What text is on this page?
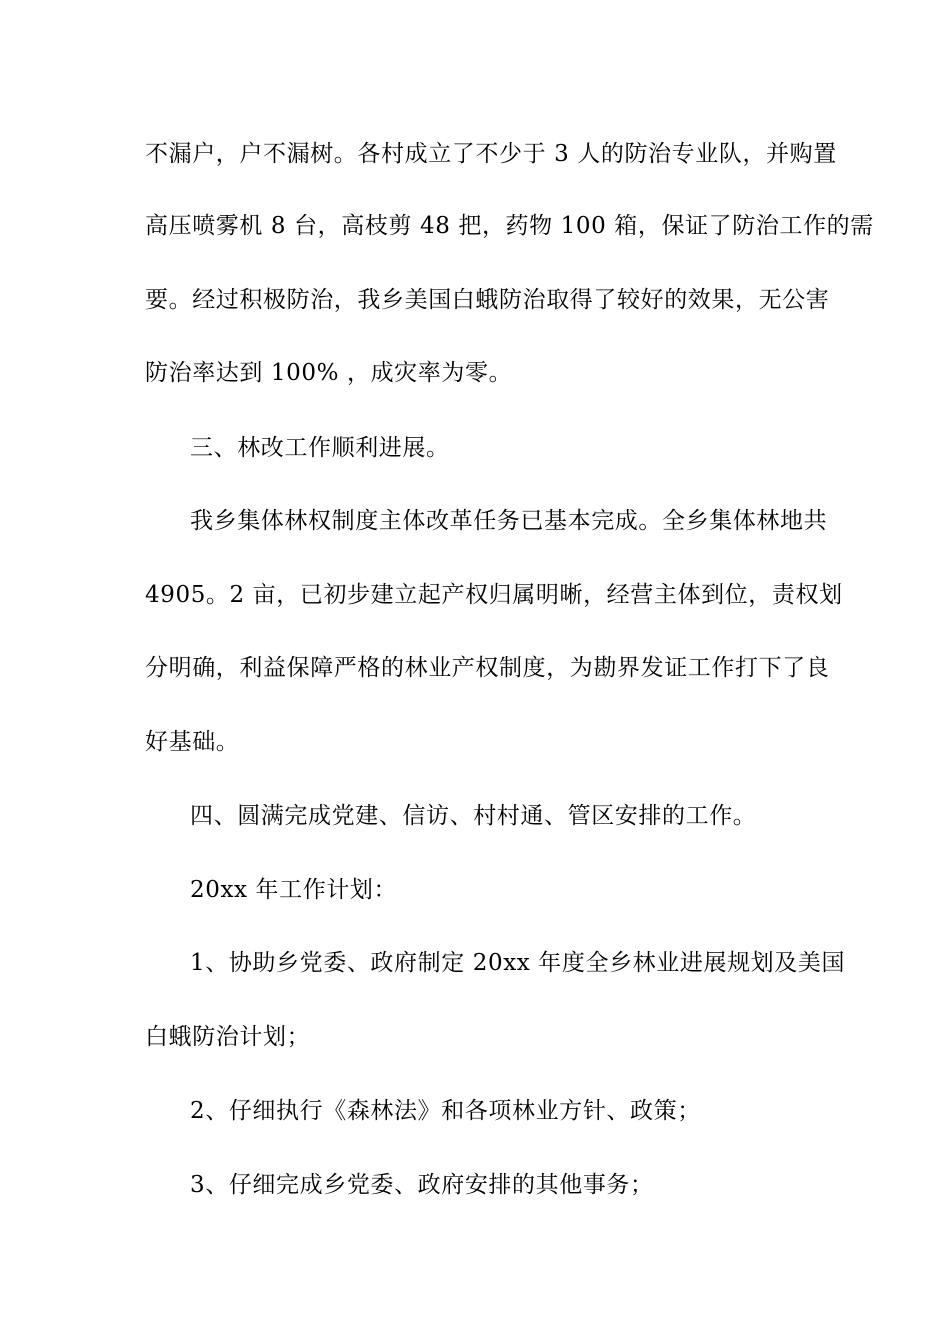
不漏户，户不漏树。各村成立了不少于 3 人的防治专业队，并购置
高压喷雾机 8 台，高枝剪 48 把，药物 100 箱，保证了防治工作的需
要。经过积极防治，我乡美国白蛾防治取得了较好的效果，无公害
防治率达到 100% ，成灾率为零。
三、林改工作顺利进展。
我乡集体林权制度主体改革任务已基本完成。全乡集体林地共
4905。2 亩，已初步建立起产权归属明晰，经营主体到位，责权划
分明确，利益保障严格的林业产权制度，为勘界发证工作打下了良
好基础。
四、圆满完成党建、信访、村村通、管区安排的工作。
20xx 年工作计划：
1、协助乡党委、政府制定 20xx 年度全乡林业进展规划及美国
白蛾防治计划；
2、仔细执行《森林法》和各项林业方针、政策；
3、仔细完成乡党委、政府安排的其他事务；
